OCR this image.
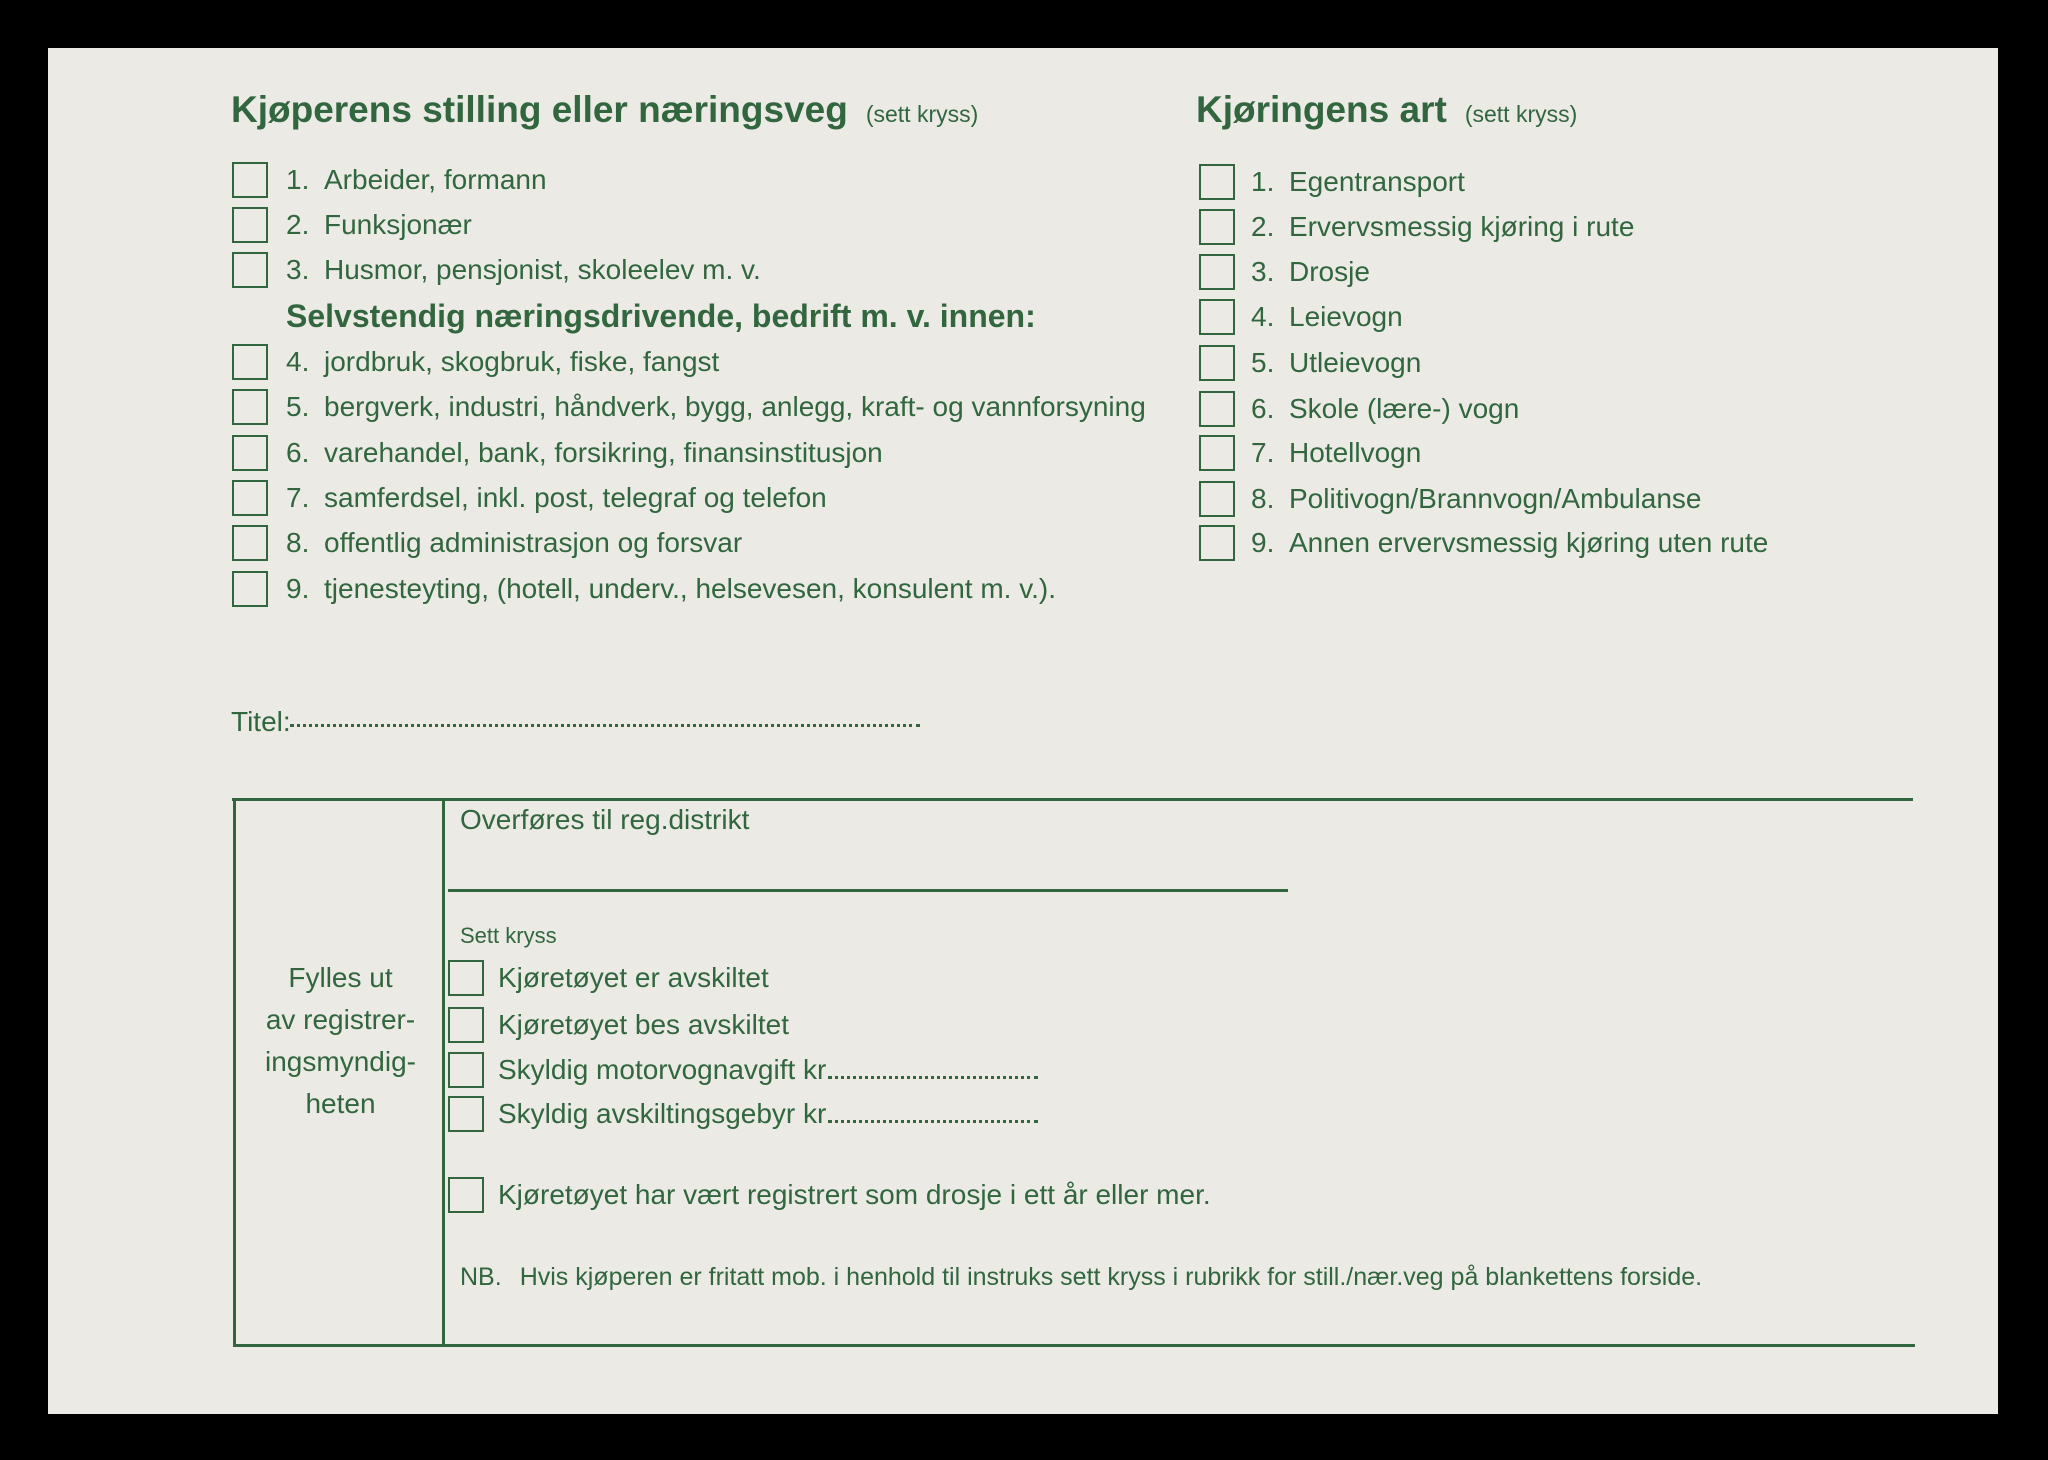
Kjøperens stilling eller næringsveg (sett kryss)
1. Arbeider, formann
2. Funksjonær
3. Husmor, pensjonist, skoleelev m. v.
Selvstendig næringsdrivende, bedrift m. v. innen:
4. jordbruk, skogbruk, fiske, fangst
5. bergverk, industri, håndverk, bygg, anlegg, kraft- og vannforsyning
6. varehandel, bank, forsikring, finansinstitusjon
7. samferdsel, inkl. post, telegraf og telefon
8. offentlig administrasjon og forsvar
9. tjenesteyting, (hotell, underv., helsevesen, konsulent m. v.).
Kjøringens art (sett kryss)
1. Egentransport
2. Ervervsmessig kjøring i rute
3. Drosje
4. Leievogn
5. Utleievogn
6. Skole (lære-) vogn
7. Hotellvogn
8. Politivogn/Brannvogn/Ambulanse
9. Annen ervervsmessig kjøring uten rute
Titel:
Fylles ut
av registrer-
ingsmyndig-
heten
Overføres til reg.distrikt
Sett kryss
Kjøretøyet er avskiltet
Kjøretøyet bes avskiltet
Skyldig motorvognavgift kr
Skyldig avskiltingsgebyr kr
Kjøretøyet har vært registrert som drosje i ett år eller mer.
NB. Hvis kjøperen er fritatt mob. i henhold til instruks sett kryss i rubrikk for still./nær.veg på blankettens forside.
